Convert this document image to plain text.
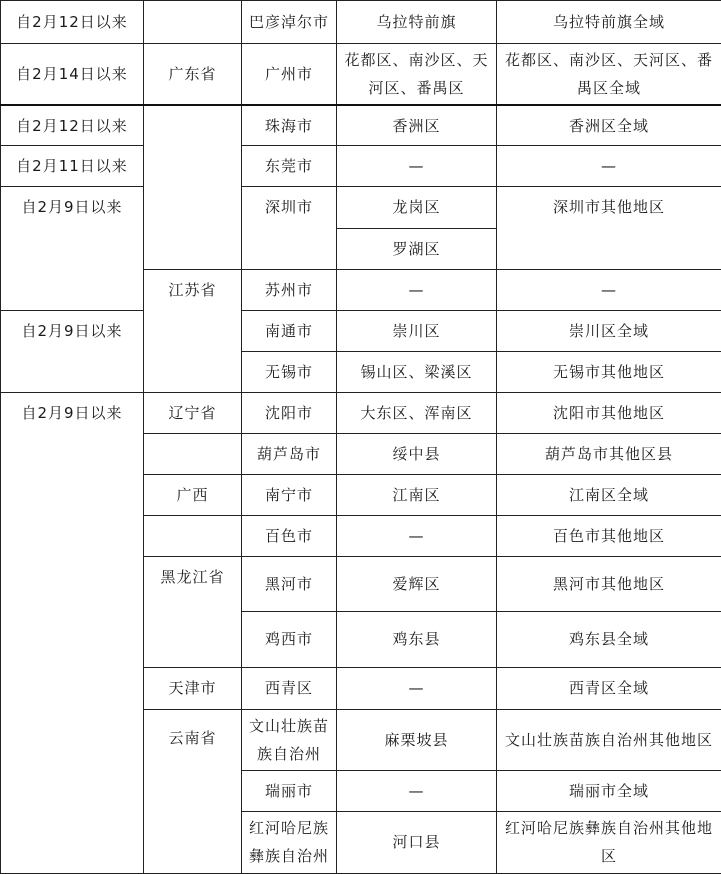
自2月12日以来		巴彦淖尔市	乌拉特前旗	乌拉特前旗全域
自2月14日以来	广东省	广州市	花都区、南沙区、天河区、番禺区	花都区、南沙区、天河区、番禺区全域
自2月12日以来		珠海市	香洲区	香洲区全域
自2月11日以来		东莞市	—	—
自2月9日以来		深圳市	龙岗区	深圳市其他地区
			罗湖区	
	江苏省	苏州市	—	—
自2月9日以来		南通市	崇川区	崇川区全域
		无锡市	锡山区、梁溪区	无锡市其他地区
自2月9日以来	辽宁省	沈阳市	大东区、浑南区	沈阳市其他地区
		葫芦岛市	绥中县	葫芦岛市其他区县
	广西	南宁市	江南区	江南区全域
		百色市	—	百色市其他地区
	黑龙江省	黑河市	爱辉区	黑河市其他地区
		鸡西市	鸡东县	鸡东县全域
	天津市	西青区	—	西青区全域
	云南省	文山壮族苗族自治州	麻栗坡县	文山壮族苗族自治州其他地区
		瑞丽市	—	瑞丽市全域
		红河哈尼族彝族自治州	河口县	红河哈尼族彝族自治州其他地区
